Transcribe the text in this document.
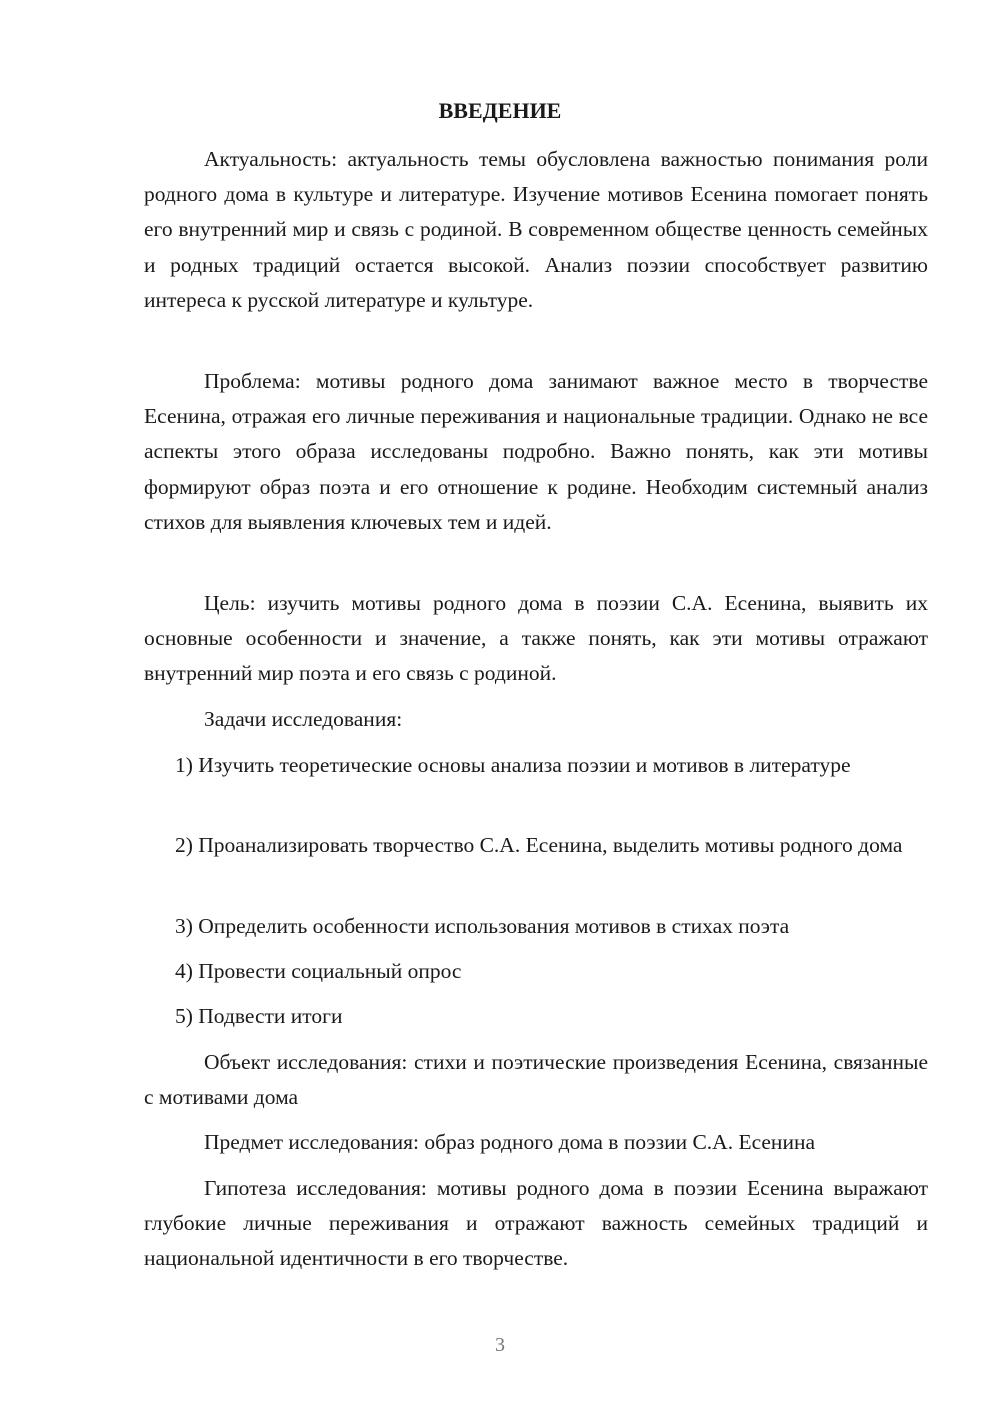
ВВЕДЕНИЕ

Актуальность: актуальность темы обусловлена важностью понимания роли родного дома в культуре и литературе. Изучение мотивов Есенина помогает понять его внутренний мир и связь с родиной. В современном обществе ценность семейных и родных традиций остается высокой. Анализ поэзии способствует развитию интереса к русской литературе и культуре.

Проблема: мотивы родного дома занимают важное место в творчестве Есенина, отражая его личные переживания и национальные традиции. Однако не все аспекты этого образа исследованы подробно. Важно понять, как эти мотивы формируют образ поэта и его отношение к родине. Необходим системный анализ стихов для выявления ключевых тем и идей.

Цель: изучить мотивы родного дома в поэзии С.А. Есенина, выявить их основные особенности и значение, а также понять, как эти мотивы отражают внутренний мир поэта и его связь с родиной.

Задачи исследования:

1) Изучить теоретические основы анализа поэзии и мотивов в литературе

2) Проанализировать творчество С.А. Есенина, выделить мотивы родного дома

3) Определить особенности использования мотивов в стихах поэта

4) Провести социальный опрос

5) Подвести итоги

Объект исследования: стихи и поэтические произведения Есенина, связанные с мотивами дома

Предмет исследования: образ родного дома в поэзии С.А. Есенина

Гипотеза исследования: мотивы родного дома в поэзии Есенина выражают глубокие личные переживания и отражают важность семейных традиций и национальной идентичности в его творчестве.

3
